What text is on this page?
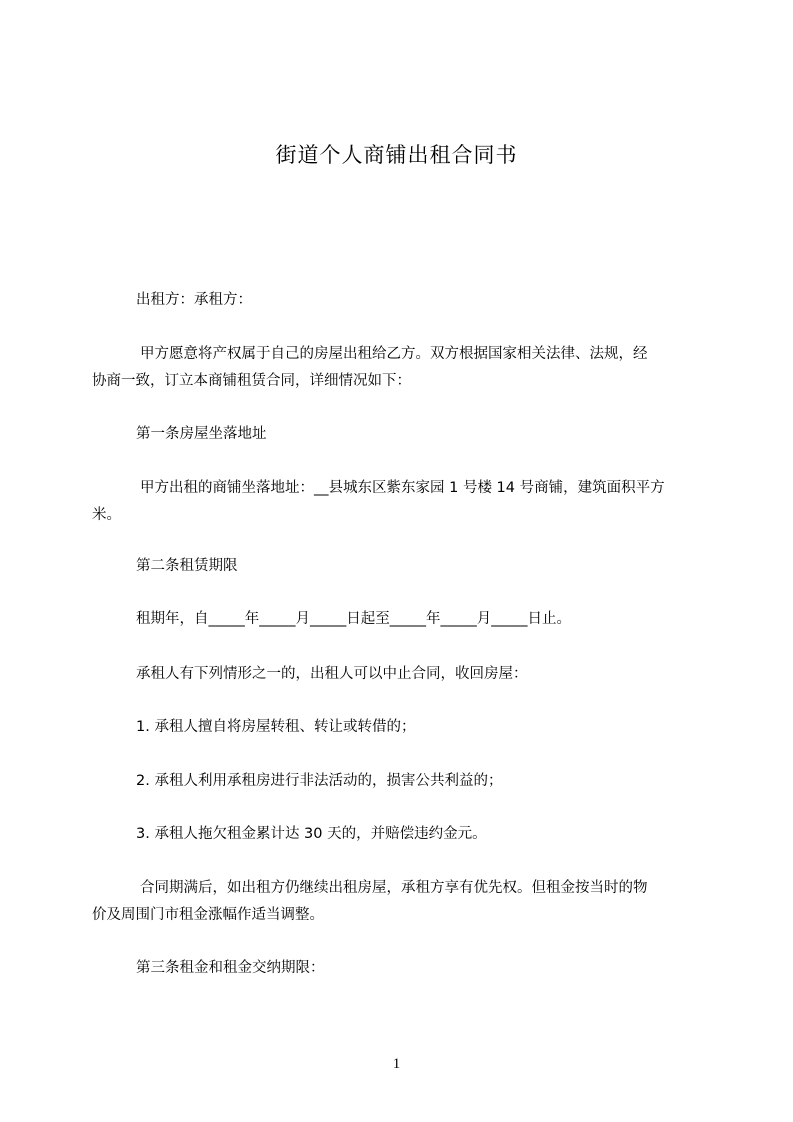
街道个人商铺出租合同书

出租方：承租方：

甲方愿意将产权属于自己的房屋出租给乙方。双方根据国家相关法律、法规，经
协商一致，订立本商铺租赁合同，详细情况如下：

第一条房屋坐落地址

甲方出租的商铺坐落地址：__县城东区紫东家园 1 号楼 14 号商铺，建筑面积平方
米。

第二条租赁期限

租期年，自_____年_____月_____日起至_____年_____月_____日止。

承租人有下列情形之一的，出租人可以中止合同，收回房屋：

1. 承租人擅自将房屋转租、转让或转借的；

2. 承租人利用承租房进行非法活动的，损害公共利益的；

3. 承租人拖欠租金累计达 30 天的，并赔偿违约金元。

合同期满后，如出租方仍继续出租房屋，承租方享有优先权。但租金按当时的物
价及周围门市租金涨幅作适当调整。

第三条租金和租金交纳期限：

1
